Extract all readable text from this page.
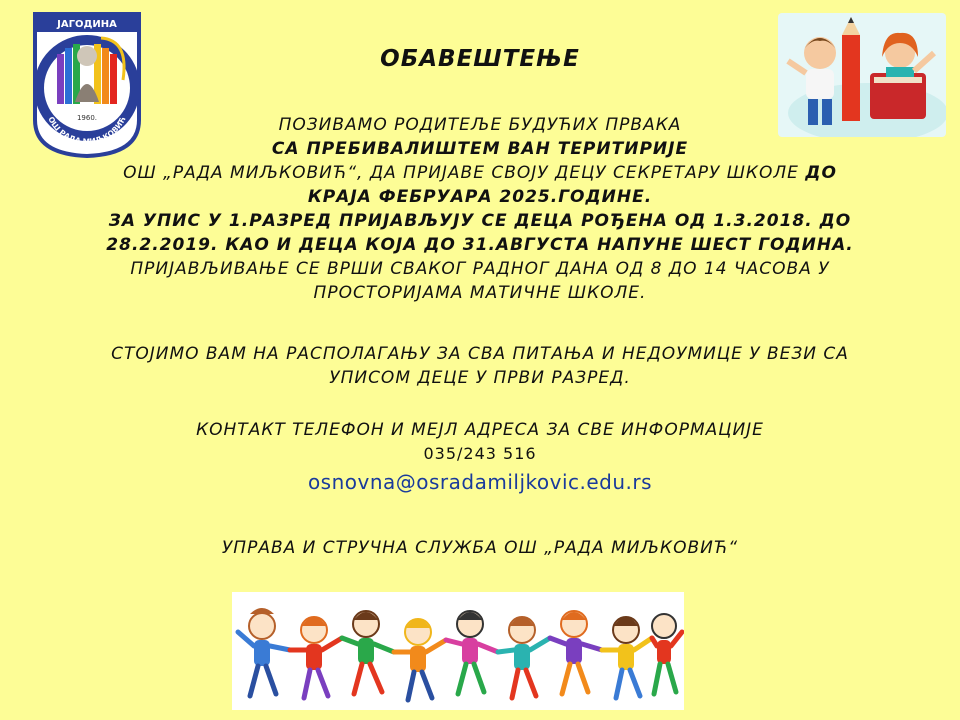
ЈАГОДИНА
1960.
ОШ РАДА МИЉКОВИЋ
ОБАВЕШТЕЊЕ
ПОЗИВАМО РОДИТЕЉЕ БУДУЋИХ ПРВАКА
СА ПРЕБИВАЛИШТЕМ ВАН ТЕРИТИРИЈЕ
ОШ „РАДА МИЉКОВИЋ“, ДА ПРИЈАВЕ СВОЈУ ДЕЦУ СЕКРЕТАРУ ШКОЛЕ ДО
КРАЈА ФЕБРУАРА 2025.ГОДИНЕ.
ЗА УПИС У 1.РАЗРЕД ПРИЈАВЉУЈУ СЕ ДЕЦА РОЂЕНА ОД 1.3.2018. ДО
28.2.2019. КАО И ДЕЦА КОЈА ДО 31.АВГУСТА НАПУНЕ ШЕСТ ГОДИНА.
ПРИЈАВЉИВАЊЕ СЕ ВРШИ СВАКОГ РАДНОГ ДАНА ОД 8 ДО 14 ЧАСОВА У
ПРОСТОРИЈАМА МАТИЧНЕ ШКОЛЕ.
СТОЈИМО ВАМ НА РАСПОЛАГАЊУ ЗА СВА ПИТАЊА И НЕДОУМИЦЕ У ВЕЗИ СА
УПИСОМ ДЕЦЕ У ПРВИ РАЗРЕД.
КОНТАКТ ТЕЛЕФОН И МЕЈЛ АДРЕСА ЗА СВЕ ИНФОРМАЦИЈЕ
035/243 516
osnovna@osradamiljkovic.edu.rs
УПРАВА И СТРУЧНА СЛУЖБА ОШ „РАДА МИЉКОВИЋ“
